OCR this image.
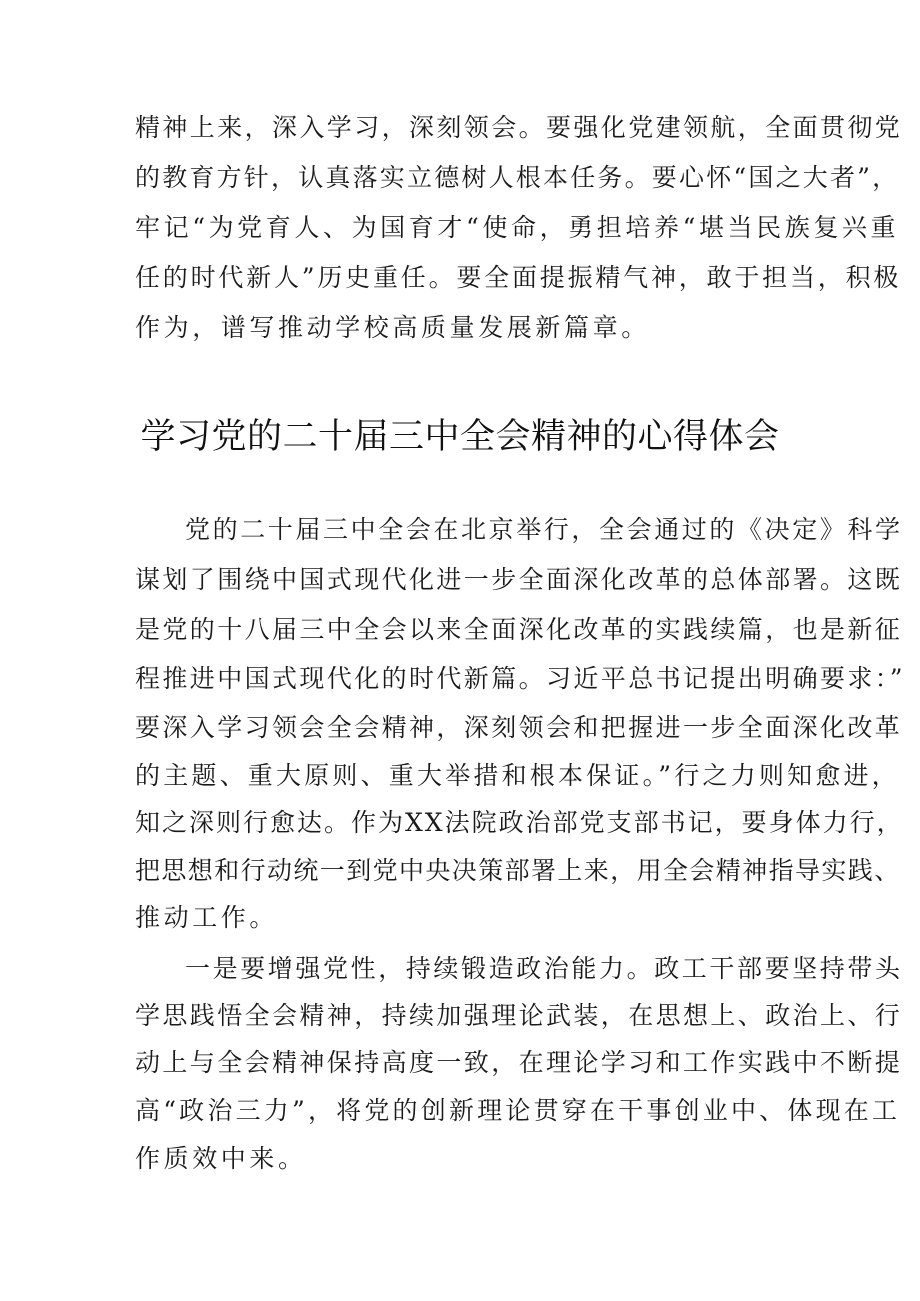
精神上来，深入学习，深刻领会。要强化党建领航，全面贯彻党
的教育方针，认真落实立德树人根本任务。要心怀“国之大者”，
牢记“为党育人、为国育才“使命，勇担培养“堪当民族复兴重
任的时代新人”历史重任。要全面提振精气神，敢于担当，积极
作为，谱写推动学校高质量发展新篇章。
学习党的二十届三中全会精神的心得体会
党的二十届三中全会在北京举行，全会通过的《决定》科学
谋划了围绕中国式现代化进一步全面深化改革的总体部署。这既
是党的十八届三中全会以来全面深化改革的实践续篇，也是新征
程推进中国式现代化的时代新篇。习近平总书记提出明确要求：”
要深入学习领会全会精神，深刻领会和把握进一步全面深化改革
的主题、重大原则、重大举措和根本保证。”行之力则知愈进，
知之深则行愈达。作为XX法院政治部党支部书记，要身体力行，
把思想和行动统一到党中央决策部署上来，用全会精神指导实践、
推动工作。
一是要增强党性，持续锻造政治能力。政工干部要坚持带头
学思践悟全会精神，持续加强理论武装，在思想上、政治上、行
动上与全会精神保持高度一致，在理论学习和工作实践中不断提
高“政治三力”，将党的创新理论贯穿在干事创业中、体现在工
作质效中来。
